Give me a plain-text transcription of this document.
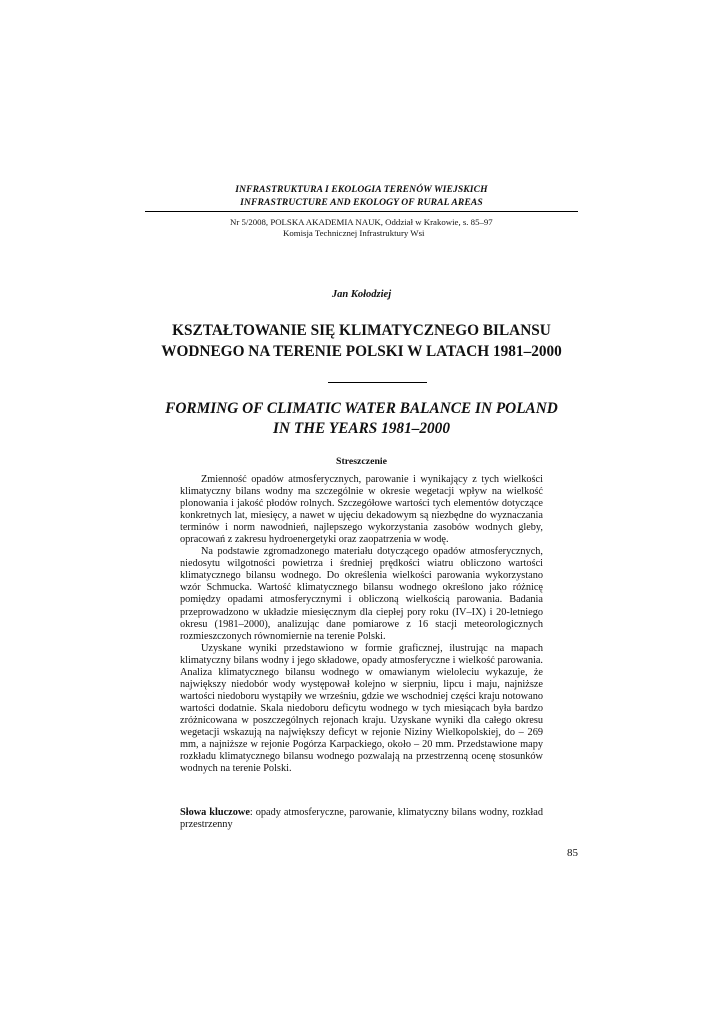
INFRASTRUKTURA I EKOLOGIA TERENÓW WIEJSKICH
INFRASTRUCTURE AND EKOLOGY OF RURAL AREAS
Nr 5/2008, POLSKA AKADEMIA NAUK, Oddział w Krakowie, s. 85–97
Komisja Technicznej Infrastruktury Wsi
Jan Kołodziej
KSZTAŁTOWANIE SIĘ KLIMATYCZNEGO BILANSU
WODNEGO NA TERENIE POLSKI W LATACH 1981–2000
FORMING OF CLIMATIC WATER BALANCE IN POLAND
IN THE YEARS 1981–2000
Streszczenie

Zmienność opadów atmosferycznych, parowanie i wynikający z tych wielkości klimatyczny bilans wodny ma szczególnie w okresie wegetacji wpływ na wielkość plonowania i jakość płodów rolnych. Szczegółowe wartości tych elementów dotyczące konkretnych lat, miesięcy, a nawet w ujęciu dekadowym są niezbędne do wyznaczania terminów i norm nawodnień, najlepszego wykorzystania zasobów wodnych gleby, opracowań z zakresu hydroenergetyki oraz zaopatrzenia w wodę.

Na podstawie zgromadzonego materiału dotyczącego opadów atmosferycznych, niedosytu wilgotności powietrza i średniej prędkości wiatru obliczono wartości klimatycznego bilansu wodnego. Do określenia wielkości parowania wykorzystano wzór Schmucka. Wartość klimatycznego bilansu wodnego określono jako różnicę pomiędzy opadami atmosferycznymi i obliczoną wielkością parowania. Badania przeprowadzono w układzie miesięcznym dla ciepłej pory roku (IV–IX) i 20-letniego okresu (1981–2000), analizując dane pomiarowe z 16 stacji meteorologicznych rozmieszczonych równomiernie na terenie Polski.

Uzyskane wyniki przedstawiono w formie graficznej, ilustrując na mapach klimatyczny bilans wodny i jego składowe, opady atmosferyczne i wielkość parowania. Analiza klimatycznego bilansu wodnego w omawianym wieloleciu wykazuje, że największy niedobór wody występował kolejno w sierpniu, lipcu i maju, najniższe wartości niedoboru wystąpiły we wrześniu, gdzie we wschodniej części kraju notowano wartości dodatnie. Skala niedoboru deficytu wodnego w tych miesiącach była bardzo zróżnicowana w poszczególnych rejonach kraju. Uzyskane wyniki dla całego okresu wegetacji wskazują na największy deficyt w rejonie Niziny Wielkopolskiej, do – 269 mm, a najniższe w rejonie Pogórza Karpackiego, około – 20 mm. Przedstawione mapy rozkładu klimatycznego bilansu wodnego pozwalają na przestrzenną ocenę stosunków wodnych na terenie Polski.

Słowa kluczowe: opady atmosferyczne, parowanie, klimatyczny bilans wodny, rozkład przestrzenny
85
